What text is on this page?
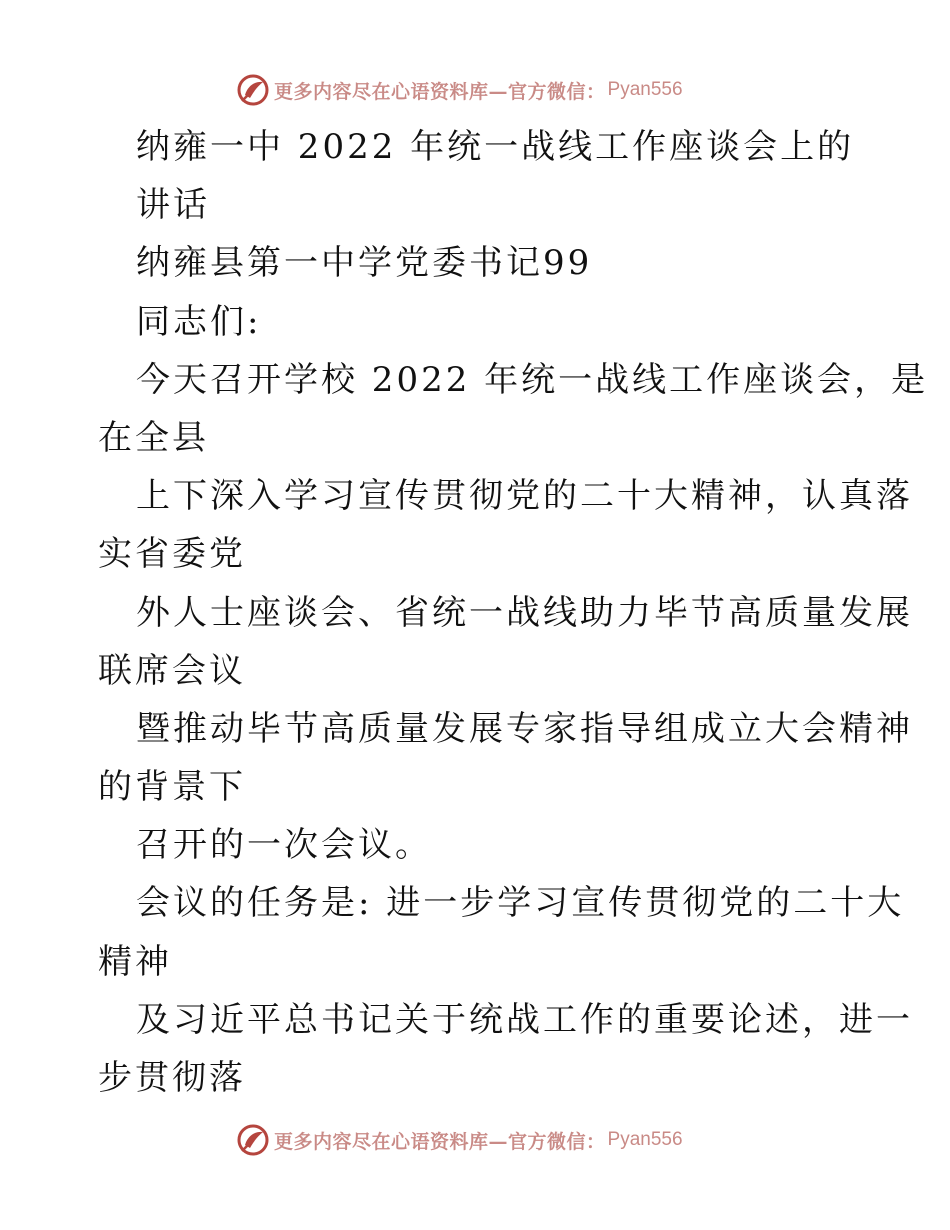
更多内容尽在心语资料库—官方微信： Pyan556
纳雍一中 2022 年统一战线工作座谈会上的
讲话
纳雍县第一中学党委书记99
同志们:
今天召开学校 2022 年统一战线工作座谈会，是
在全县
上下深入学习宣传贯彻党的二十大精神，认真落
实省委党
外人士座谈会、省统一战线助力毕节高质量发展
联席会议
暨推动毕节高质量发展专家指导组成立大会精神
的背景下
召开的一次会议。
会议的任务是: 进一步学习宣传贯彻党的二十大
精神
及习近平总书记关于统战工作的重要论述，进一
步贯彻落
更多内容尽在心语资料库—官方微信： Pyan556
